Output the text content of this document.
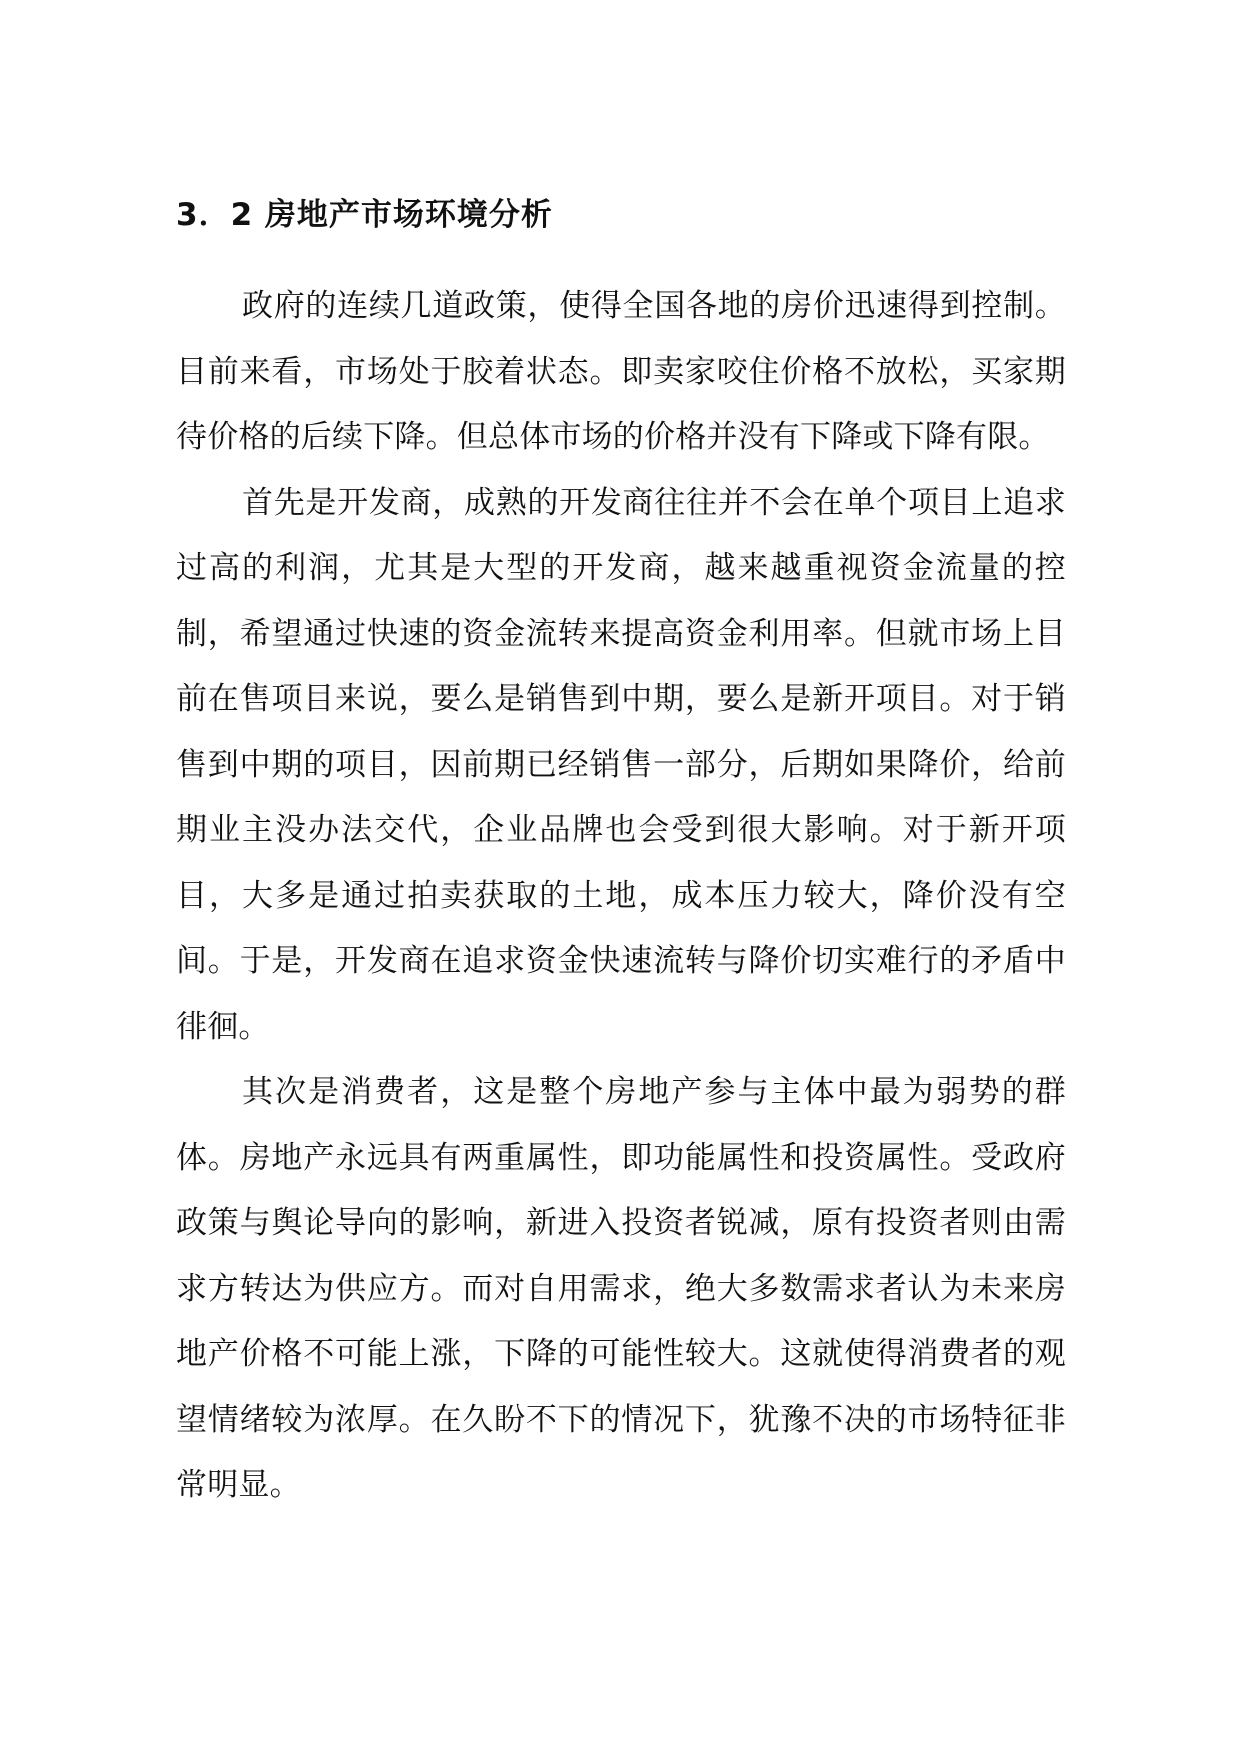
3．2 房地产市场环境分析

政府的连续几道政策，使得全国各地的房价迅速得到控制。目前来看，市场处于胶着状态。即卖家咬住价格不放松，买家期待价格的后续下降。但总体市场的价格并没有下降或下降有限。

首先是开发商，成熟的开发商往往并不会在单个项目上追求过高的利润，尤其是大型的开发商，越来越重视资金流量的控制，希望通过快速的资金流转来提高资金利用率。但就市场上目前在售项目来说，要么是销售到中期，要么是新开项目。对于销售到中期的项目，因前期已经销售一部分，后期如果降价，给前期业主没办法交代，企业品牌也会受到很大影响。对于新开项目，大多是通过拍卖获取的土地，成本压力较大，降价没有空间。于是，开发商在追求资金快速流转与降价切实难行的矛盾中徘徊。

其次是消费者，这是整个房地产参与主体中最为弱势的群体。房地产永远具有两重属性，即功能属性和投资属性。受政府政策与舆论导向的影响，新进入投资者锐减，原有投资者则由需求方转达为供应方。而对自用需求，绝大多数需求者认为未来房地产价格不可能上涨，下降的可能性较大。这就使得消费者的观望情绪较为浓厚。在久盼不下的情况下，犹豫不决的市场特征非常明显。
